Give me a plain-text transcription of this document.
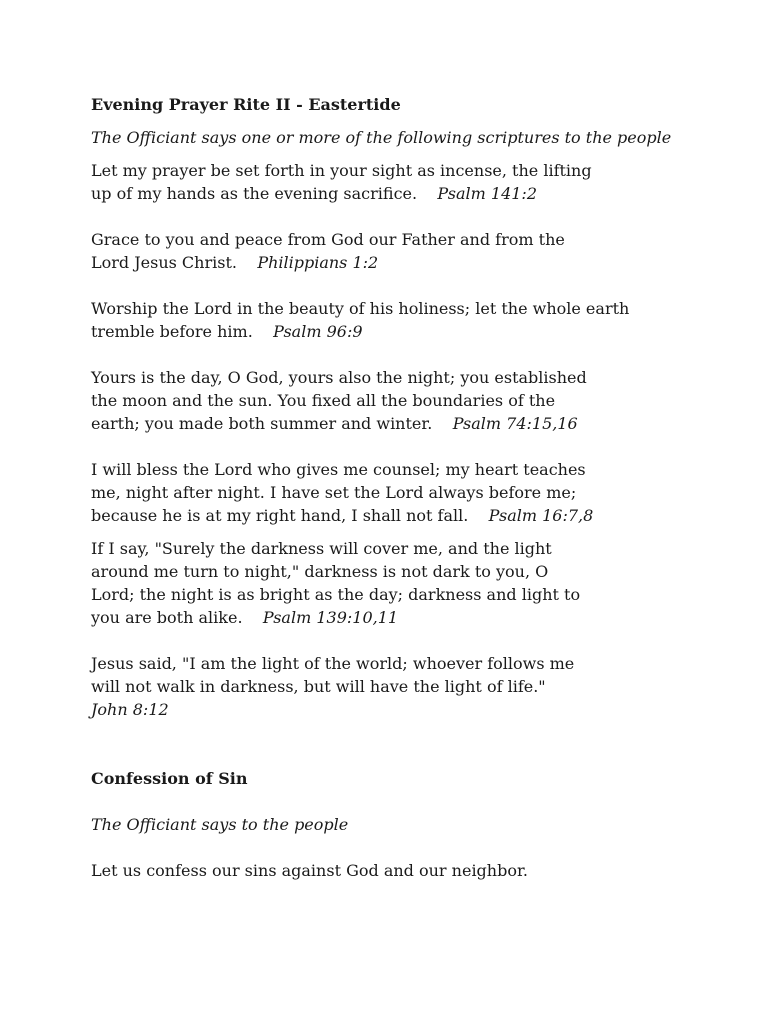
Evening Prayer Rite II - Eastertide

The Officiant says one or more of the following scriptures to the people

Let my prayer be set forth in your sight as incense, the lifting
up of my hands as the evening sacrifice. Psalm 141:2
Grace to you and peace from God our Father and from the
Lord Jesus Christ. Philippians 1:2
Worship the Lord in the beauty of his holiness; let the whole earth
tremble before him. Psalm 96:9
Yours is the day, O God, yours also the night; you established
the moon and the sun. You fixed all the boundaries of the
earth; you made both summer and winter. Psalm 74:15,16
I will bless the Lord who gives me counsel; my heart teaches
me, night after night. I have set the Lord always before me;
because he is at my right hand, I shall not fall. Psalm 16:7,8
If I say, "Surely the darkness will cover me, and the light
around me turn to night," darkness is not dark to you, O
Lord; the night is as bright as the day; darkness and light to
you are both alike. Psalm 139:10,11
Jesus said, "I am the light of the world; whoever follows me
will not walk in darkness, but will have the light of life."
John 8:12

Confession of Sin

The Officiant says to the people

Let us confess our sins against God and our neighbor.
